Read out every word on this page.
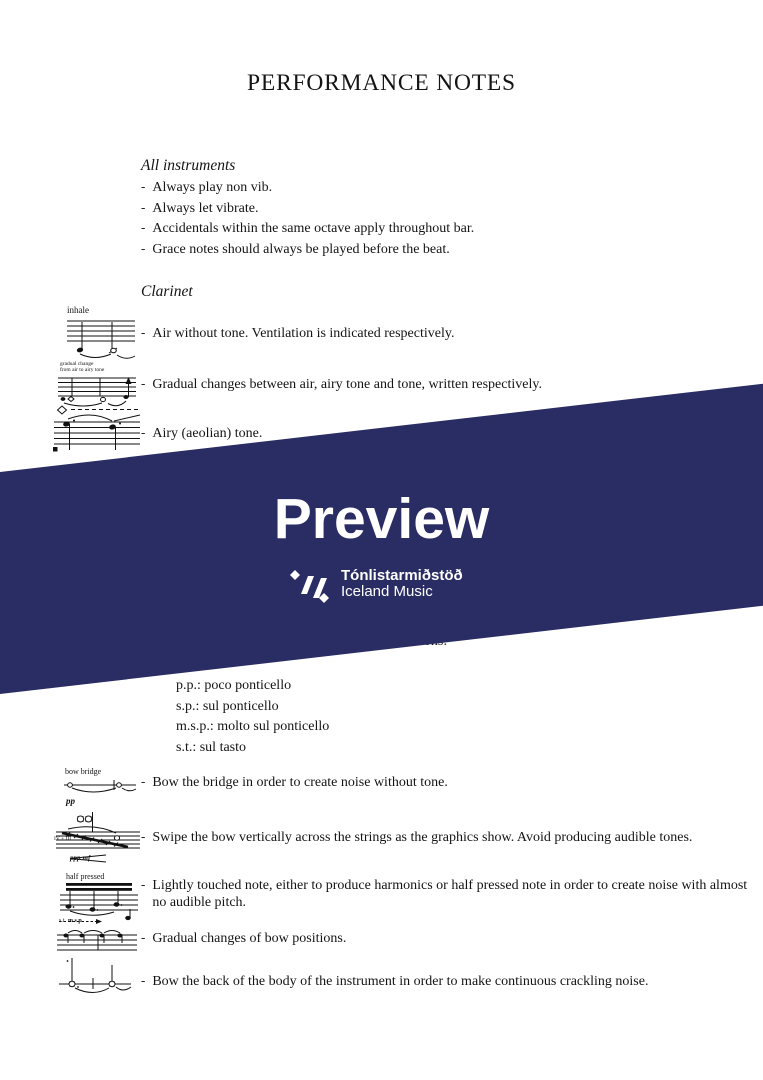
PERFORMANCE NOTES
All instruments
- Always play non vib.
- Always let vibrate.
- Accidentals within the same octave apply throughout bar.
- Grace notes should always be played before the beat.
Clarinet
inhale
- Air without tone. Ventilation is indicated respectively.
gradual change
from air to airy tone
- Gradual changes between air, airy tone and tone, written respectively.
- Airy (aeolian) tone.
Preview
Tónlistarmiðstöð
Iceland Music
p.p.: poco ponticello
s.p.: sul ponticello
m.s.p.: molto sul ponticello
s.t.: sul tasto
bow bridge
pp
- Bow the bridge in order to create noise without tone.
IV + III
ppp mf
- Swipe the bow vertically across the strings as the graphics show. Avoid producing audible tones.
half pressed	- Lightly touched note, either to produce harmonics or half pressed note in order to create noise with almost no audible pitch.
s.t. m.s.p.
- Gradual changes of bow positions.
- Bow the back of the body of the instrument in order to make continuous crackling noise.
